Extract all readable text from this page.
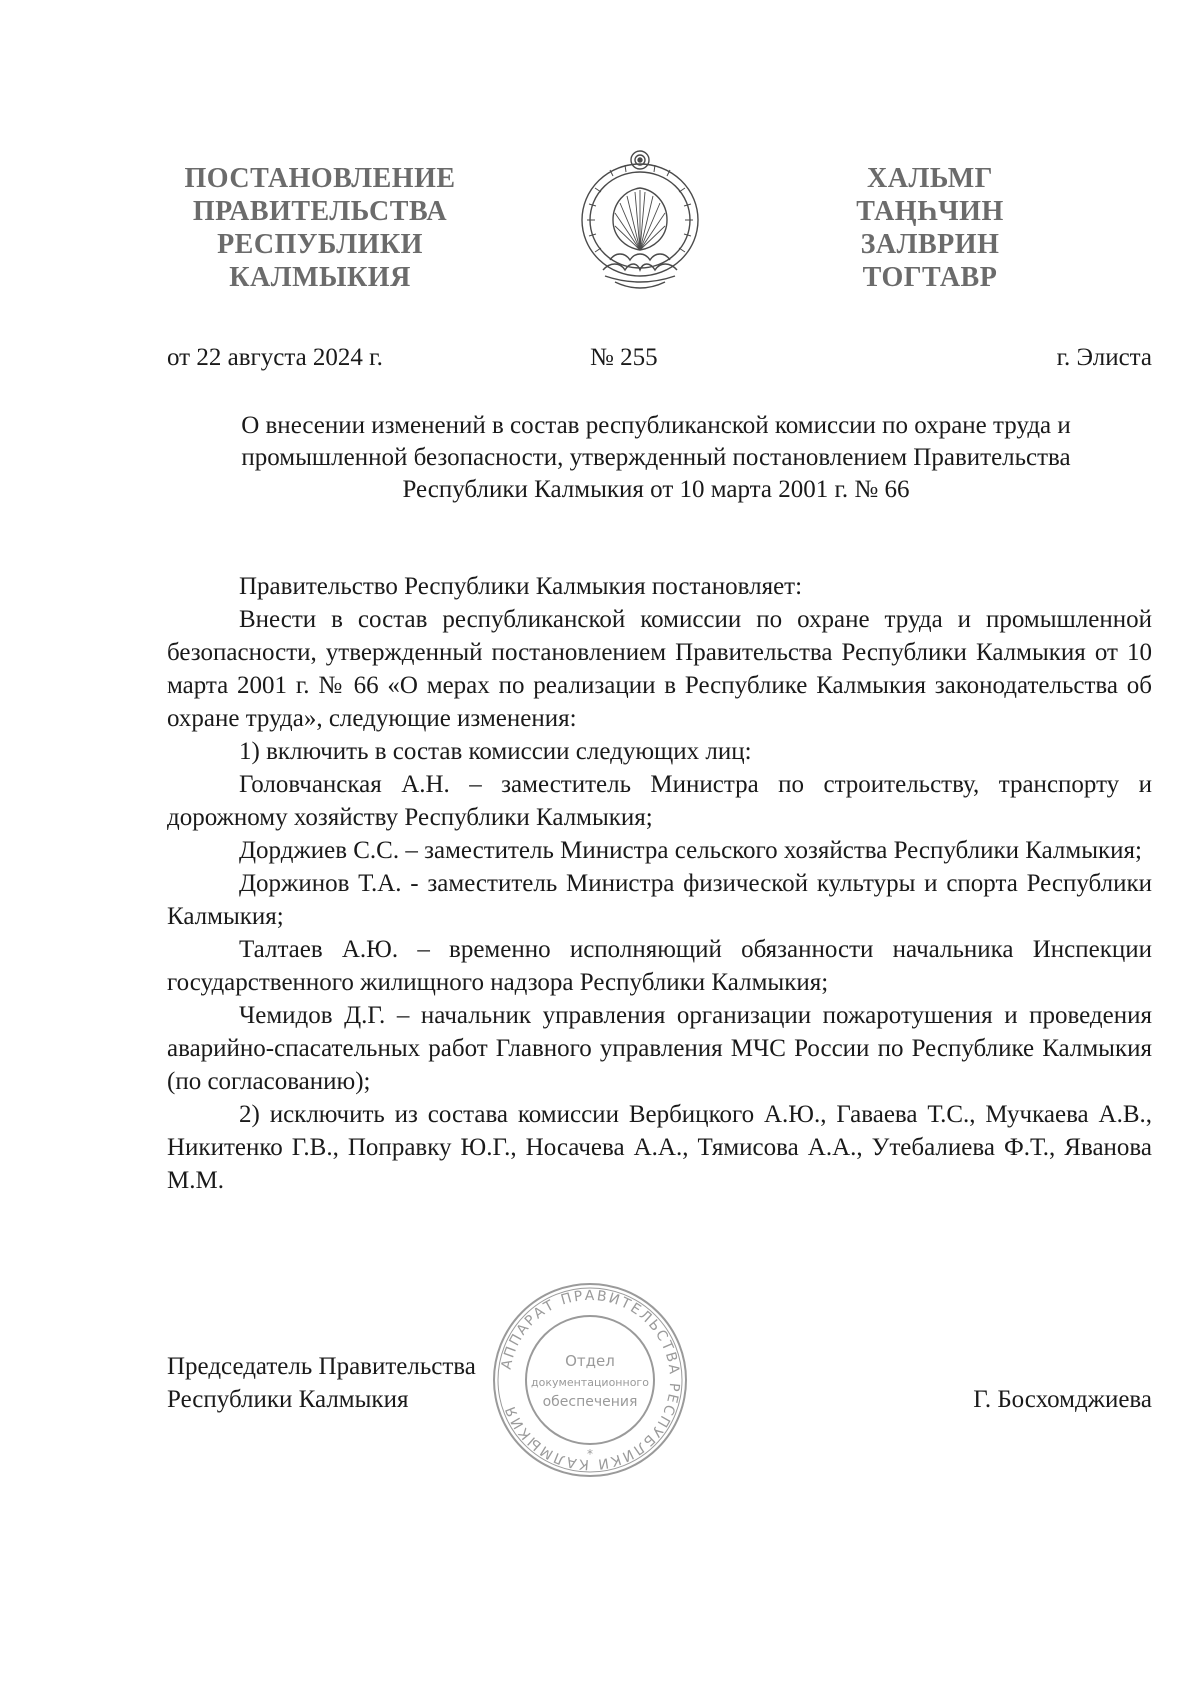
ПОСТАНОВЛЕНИЕ
ПРАВИТЕЛЬСТВА
РЕСПУБЛИКИ
КАЛМЫКИЯ
ХАЛЬМГ
ТАҢҺЧИН
ЗАЛВРИН
ТОГТАВР
от 22 августа 2024 г.	№ 255	г. Элиста
О внесении изменений в состав республиканской комиссии по охране труда и
промышленной безопасности, утвержденный постановлением Правительства
Республики Калмыкия от 10 марта 2001 г. № 66

Правительство Республики Калмыкия постановляет:

Внести в состав республиканской комиссии по охране труда и промышленной безопасности, утвержденный постановлением Правительства Республики Калмыкия от 10 марта 2001 г. № 66 «О мерах по реализации в Республике Калмыкия законодательства об охране труда», следующие изменения:

1) включить в состав комиссии следующих лиц:

Головчанская А.Н. – заместитель Министра по строительству, транспорту и дорожному хозяйству Республики Калмыкия;

Дорджиев С.С. – заместитель Министра сельского хозяйства Республики Калмыкия;

Доржинов Т.А. - заместитель Министра физической культуры и спорта Республики Калмыкия;

Талтаев А.Ю. – временно исполняющий обязанности начальника Инспекции государственного жилищного надзора Республики Калмыкия;

Чемидов Д.Г. – начальник управления организации пожаротушения и проведения аварийно-спасательных работ Главного управления МЧС России по Республике Калмыкия (по согласованию);

2) исключить из состава комиссии Вербицкого А.Ю., Гаваева Т.С., Мучкаева А.В., Никитенко Г.В., Поправку Ю.Г., Носачева А.А., Тямисова А.А., Утебалиева Ф.Т., Яванова М.М.

АППАРАТ ПРАВИТЕЛЬСТВА РЕСПУБЛИКИ КАЛМЫКИЯ
Отдел
документационного
обеспечения
*
Председатель Правительства
Республики Калмыкия	Г. Босхомджиева
